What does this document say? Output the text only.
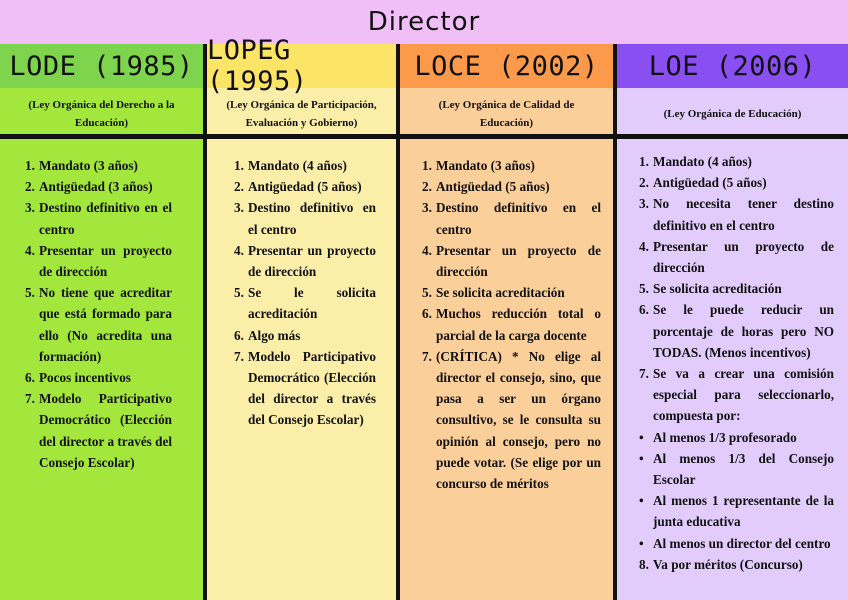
Director
LODE (1985)
(Ley Orgánica del Derecho a la Educación)
1. Mandato (3 años)
2. Antigüedad (3 años)
3. Destino definitivo en el centro
4. Presentar un proyecto de dirección
5. No tiene que acreditar que está formado para ello (No acredita una formación)
6. Pocos incentivos
7. Modelo Participativo Democrático (Elección del director a través del Consejo Escolar)
LOPEG (1995)
(Ley Orgánica de Participación, Evaluación y Gobierno)
1. Mandato (4 años)
2. Antigüedad (5 años)
3. Destino definitivo en el centro
4. Presentar un proyecto de dirección
5. Se le solicita acreditación
6. Algo más
7. Modelo Participativo Democrático (Elección del director a través del Consejo Escolar)
LOCE (2002)
(Ley Orgánica de Calidad de Educación)
1. Mandato (3 años)
2. Antigüedad (5 años)
3. Destino definitivo en el centro
4. Presentar un proyecto de dirección
5. Se solicita acreditación
6. Muchos reducción total o parcial de la carga docente
7. (CRÍTICA) * No elige al director el consejo, sino, que pasa a ser un órgano consultivo, se le consulta su opinión al consejo, pero no puede votar. (Se elige por un concurso de méritos
LOE (2006)
(Ley Orgánica de Educación)
1. Mandato (4 años)
2. Antigüedad (5 años)
3. No necesita tener destino definitivo en el centro
4. Presentar un proyecto de dirección
5. Se solicita acreditación
6. Se le puede reducir un porcentaje de horas pero NO TODAS. (Menos incentivos)
7. Se va a crear una comisión especial para seleccionarlo, compuesta por:
• Al menos 1/3 profesorado
• Al menos 1/3 del Consejo Escolar
• Al menos 1 representante de la junta educativa
• Al menos un director del centro
8. Va por méritos (Concurso)
